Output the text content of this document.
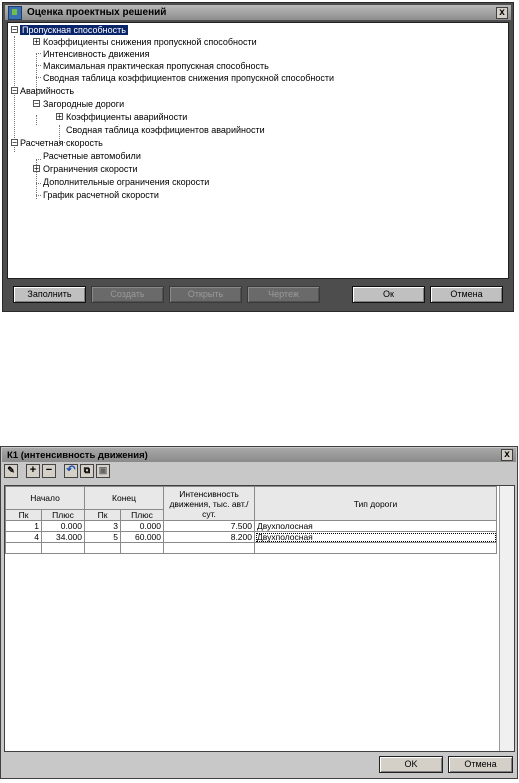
Оценка проектных решений	x
− Пропускная способность
+ Коэффициенты снижения пропускной способности
Интенсивность движения
Максимальная практическая пропускная способность
Сводная таблица коэффициентов снижения пропускной способности
− Аварийность
− Загородные дороги
+ Коэффициенты аварийности
Сводная таблица коэффициентов аварийности
− Расчетная скорость
Расчетные автомобили
+ Ограничения скорости
Дополнительные ограничения скорости
График расчетной скорости
Заполнить	Создать	Открыть	Чертеж	Ок	Отмена
К1 (интенсивность движения)	x
✎	+ −	↶ ⧉ ▣
Начало		Конец		Интенсивность движения, тыс. авт./сут.	Тип дороги

Пк	Плюс	Пк	Плюс		
1	0.000	3	0.000	7.500	Двухполосная
4	34.000	5	60.000	8.200	Двухполосная

OK	Отмена
